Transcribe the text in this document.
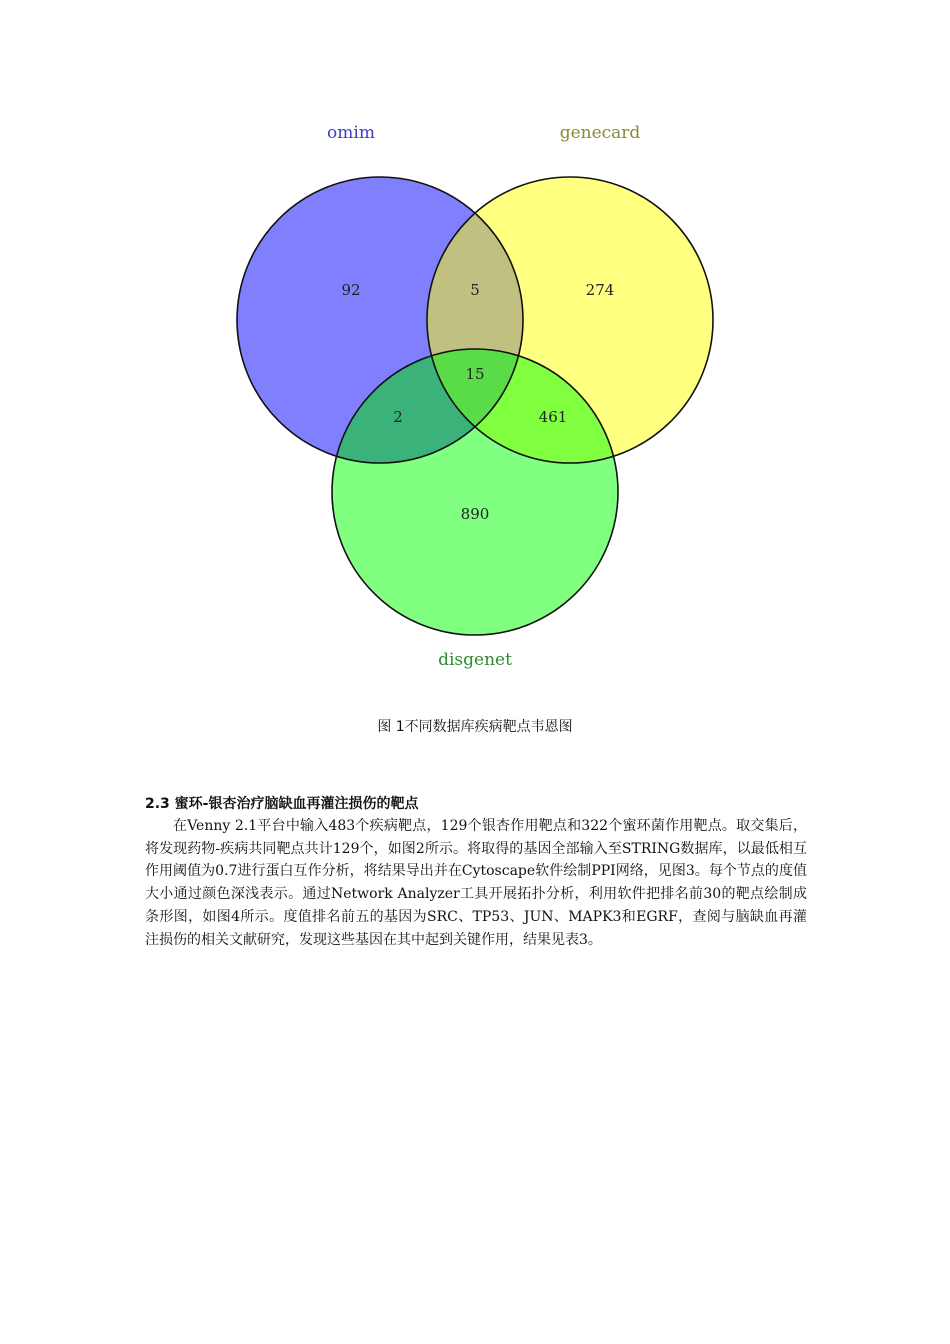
omim	genecard
disgenet
92	5	274
15
2	461
890
图 1不同数据库疾病靶点韦恩图
2.3 蜜环-银杏治疗脑缺血再灌注损伤的靶点

在Venny 2.1平台中输入483个疾病靶点，129个银杏作用靶点和322个蜜环菌作用靶点。取交集后，将发现药物-疾病共同靶点共计129个，如图2所示。将取得的基因全部输入至STRING数据库，以最低相互作用阈值为0.7进行蛋白互作分析，将结果导出并在Cytoscape软件绘制PPI网络，见图3。每个节点的度值大小通过颜色深浅表示。通过Network Analyzer工具开展拓扑分析，利用软件把排名前30的靶点绘制成条形图，如图4所示。度值排名前五的基因为SRC、TP53、JUN、MAPK3和EGRF，查阅与脑缺血再灌注损伤的相关文献研究，发现这些基因在其中起到关键作用，结果见表3。
